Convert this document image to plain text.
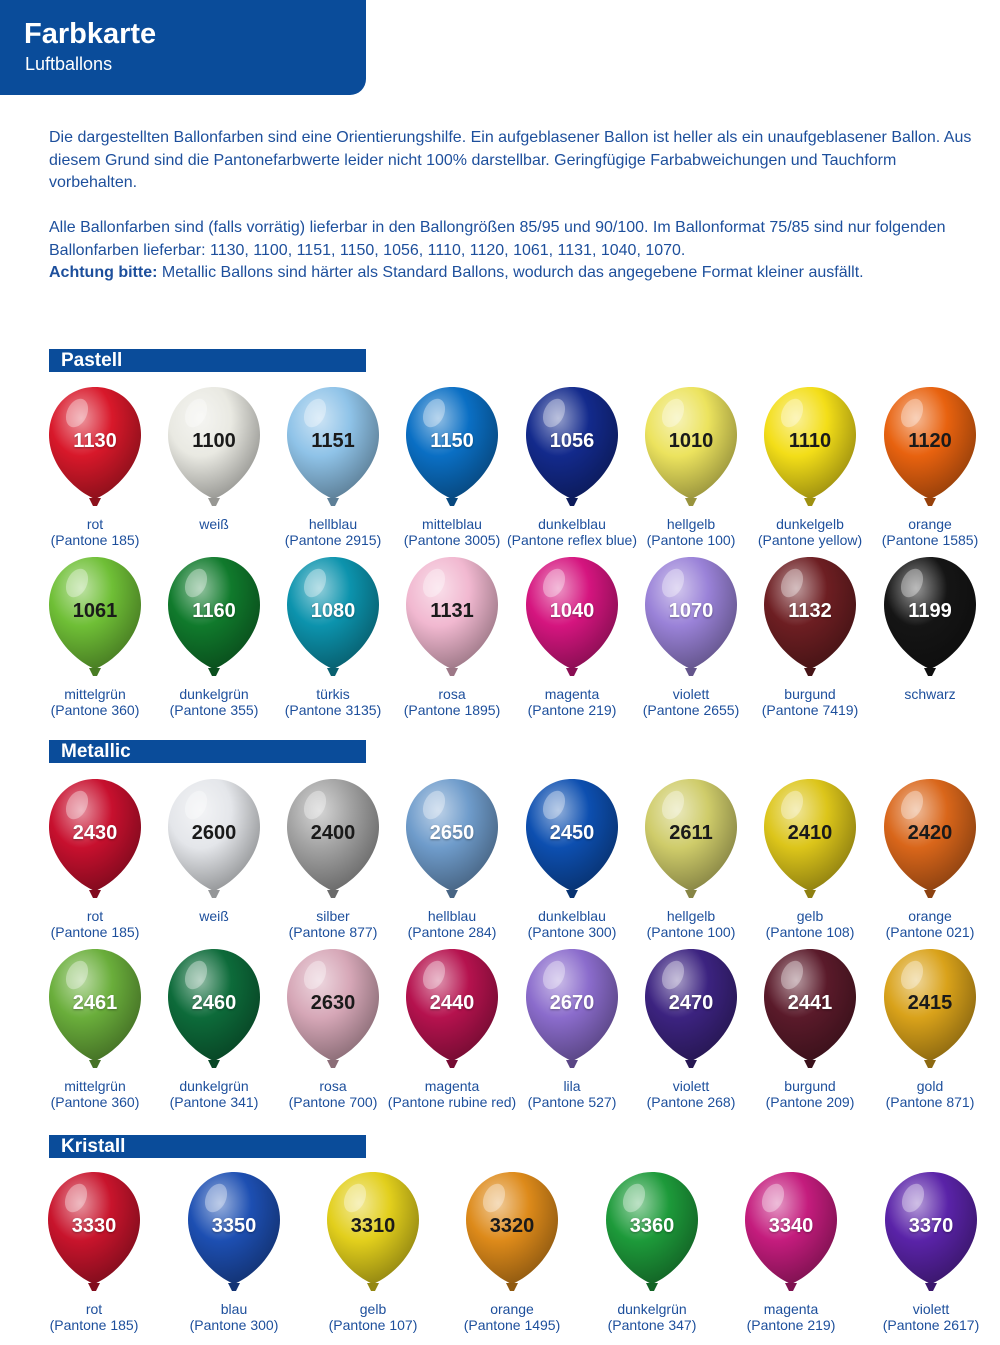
Farbkarte
Luftballons

Die dargestellten Ballonfarben sind eine Orientierungshilfe. Ein aufgeblasener Ballon ist heller als ein unaufgeblasener Ballon. Aus diesem Grund sind die Pantonefarbwerte leider nicht 100% darstellbar. Geringfügige Farbabweichungen und Tauchform vorbehalten.

Alle Ballonfarben sind (falls vorrätig) lieferbar in den Ballongrößen 85/95 und 90/100. Im Ballonformat 75/85 sind nur folgenden Ballonfarben lieferbar: 1130, 1100, 1151, 1150, 1056, 1110, 1120, 1061, 1131, 1040, 1070.

Achtung bitte: Metallic Ballons sind härter als Standard Ballons, wodurch das angegebene Format kleiner ausfällt.

Pastell
Metallic
Kristall
1130
rot
(Pantone 185)
1100
weiß
1151
hellblau
(Pantone 2915)
1150
mittelblau
(Pantone 3005)
1056
dunkelblau
(Pantone reflex blue)
1010
hellgelb
(Pantone 100)
1110
dunkelgelb
(Pantone yellow)
1120
orange
(Pantone 1585)
1061
mittelgrün
(Pantone 360)
1160
dunkelgrün
(Pantone 355)
1080
türkis
(Pantone 3135)
1131
rosa
(Pantone 1895)
1040
magenta
(Pantone 219)
1070
violett
(Pantone 2655)
1132
burgund
(Pantone 7419)
1199
schwarz
2430
rot
(Pantone 185)
2600
weiß
2400
silber
(Pantone 877)
2650
hellblau
(Pantone 284)
2450
dunkelblau
(Pantone 300)
2611
hellgelb
(Pantone 100)
2410
gelb
(Pantone 108)
2420
orange
(Pantone 021)
2461
mittelgrün
(Pantone 360)
2460
dunkelgrün
(Pantone 341)
2630
rosa
(Pantone 700)
2440
magenta
(Pantone rubine red)
2670
lila
(Pantone 527)
2470
violett
(Pantone 268)
2441
burgund
(Pantone 209)
2415
gold
(Pantone 871)
3330
rot
(Pantone 185)
3350
blau
(Pantone 300)
3310
gelb
(Pantone 107)
3320
orange
(Pantone 1495)
3360
dunkelgrün
(Pantone 347)
3340
magenta
(Pantone 219)
3370
violett
(Pantone 2617)
